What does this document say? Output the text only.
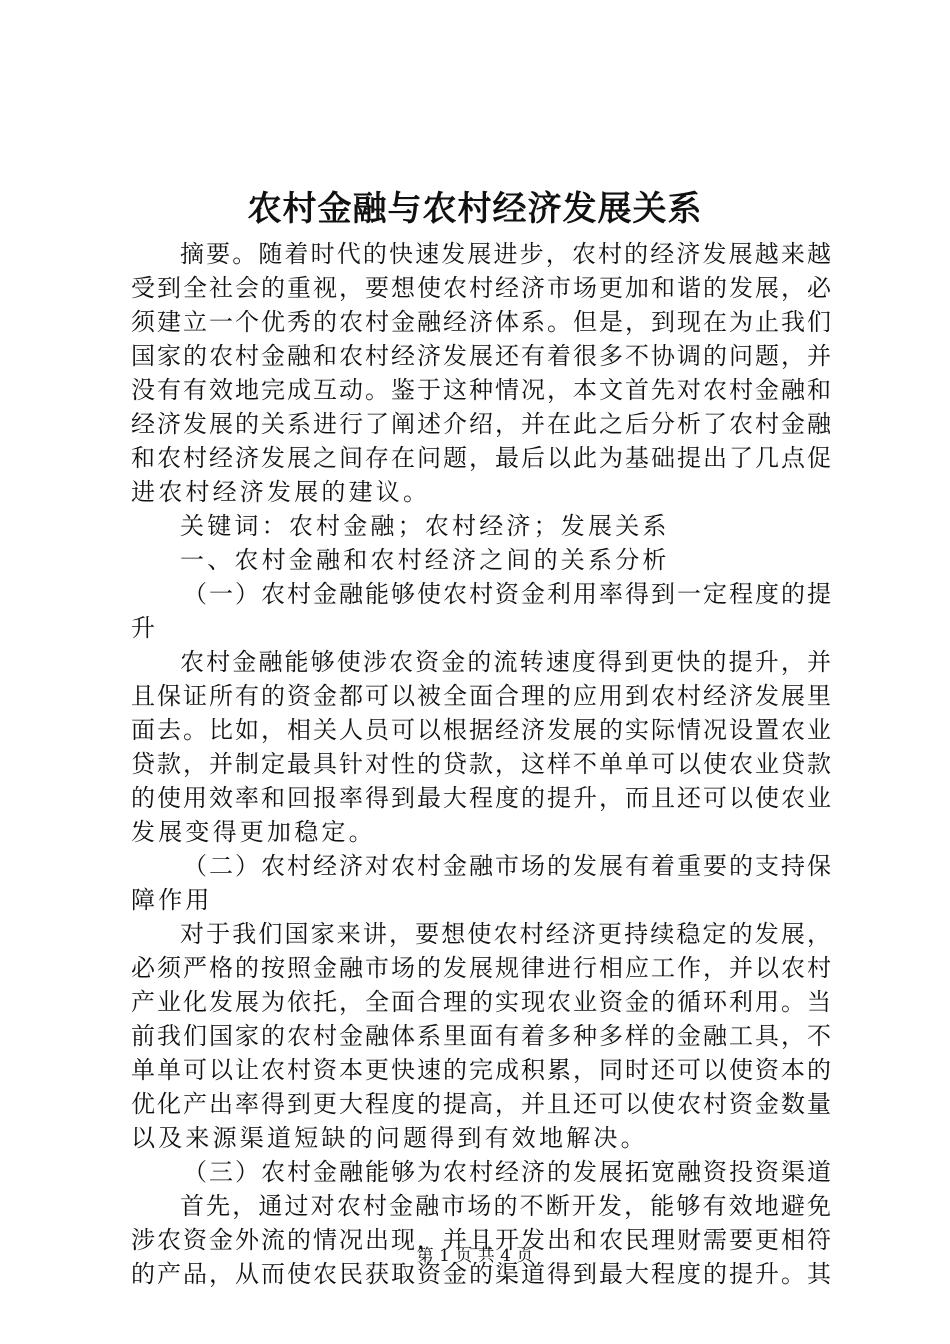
农村金融与农村经济发展关系
摘 要 。 随 着 时 代 的 快 速 发 展 进 步 ， 农 村 的 经 济 发 展 越 来 越
受 到 全 社 会 的 重 视 ， 要 想 使 农 村 经 济 市 场 更 加 和 谐 的 发 展 ， 必
须 建 立 一 个 优 秀 的 农 村 金 融 经 济 体 系 。 但 是 ， 到 现 在 为 止 我 们
国 家 的 农 村 金 融 和 农 村 经 济 发 展 还 有 着 很 多 不 协 调 的 问 题 ， 并
没 有 有 效 地 完 成 互 动 。 鉴 于 这 种 情 况 ， 本 文 首 先 对 农 村 金 融 和
经 济 发 展 的 关 系 进 行 了 阐 述 介 绍 ， 并 在 此 之 后 分 析 了 农 村 金 融
和 农 村 经 济 发 展 之 间 存 在 问 题 ， 最 后 以 此 为 基 础 提 出 了 几 点 促
进农村经济发展的建议。
关键词：农村金融；农村经济；发展关系
一、农村金融和农村经济之间的关系分析
（ 一 ） 农 村 金 融 能 够 使 农 村 资 金 利 用 率 得 到 一 定 程 度 的 提
升
农 村 金 融 能 够 使 涉 农 资 金 的 流 转 速 度 得 到 更 快 的 提 升 ， 并
且 保 证 所 有 的 资 金 都 可 以 被 全 面 合 理 的 应 用 到 农 村 经 济 发 展 里
面 去 。 比 如 ， 相 关 人 员 可 以 根 据 经 济 发 展 的 实 际 情 况 设 置 农 业
贷 款 ， 并 制 定 最 具 针 对 性 的 贷 款 ， 这 样 不 单 单 可 以 使 农 业 贷 款
的 使 用 效 率 和 回 报 率 得 到 最 大 程 度 的 提 升 ， 而 且 还 可 以 使 农 业
发展变得更加稳定。
（ 二 ） 农 村 经 济 对 农 村 金 融 市 场 的 发 展 有 着 重 要 的 支 持 保
障作用
对 于 我 们 国 家 来 讲 ， 要 想 使 农 村 经 济 更 持 续 稳 定 的 发 展 ，
必 须 严 格 的 按 照 金 融 市 场 的 发 展 规 律 进 行 相 应 工 作 ， 并 以 农 村
产 业 化 发 展 为 依 托 ， 全 面 合 理 的 实 现 农 业 资 金 的 循 环 利 用 。 当
前 我 们 国 家 的 农 村 金 融 体 系 里 面 有 着 多 种 多 样 的 金 融 工 具 ， 不
单 单 可 以 让 农 村 资 本 更 快 速 的 完 成 积 累 ， 同 时 还 可 以 使 资 本 的
优 化 产 出 率 得 到 更 大 程 度 的 提 高 ， 并 且 还 可 以 使 农 村 资 金 数 量
以及来源渠道短缺的问题得到有效地解决。
（ 三 ） 农 村 金 融 能 够 为 农 村 经 济 的 发 展 拓 宽 融 资 投 资 渠 道
首 先 ， 通 过 对 农 村 金 融 市 场 的 不 断 开 发 ， 能 够 有 效 地 避 免
涉 农 资 金 外 流 的 情 况 出 现 ， 并 且 开 发 出 和 农 民 理 财 需 要 更 相 符
的 产 品 ， 从 而 使 农 民 获 取 资 金 的 渠 道 得 到 最 大 程 度 的 提 升 。 其
第 1 页 共 4 页
